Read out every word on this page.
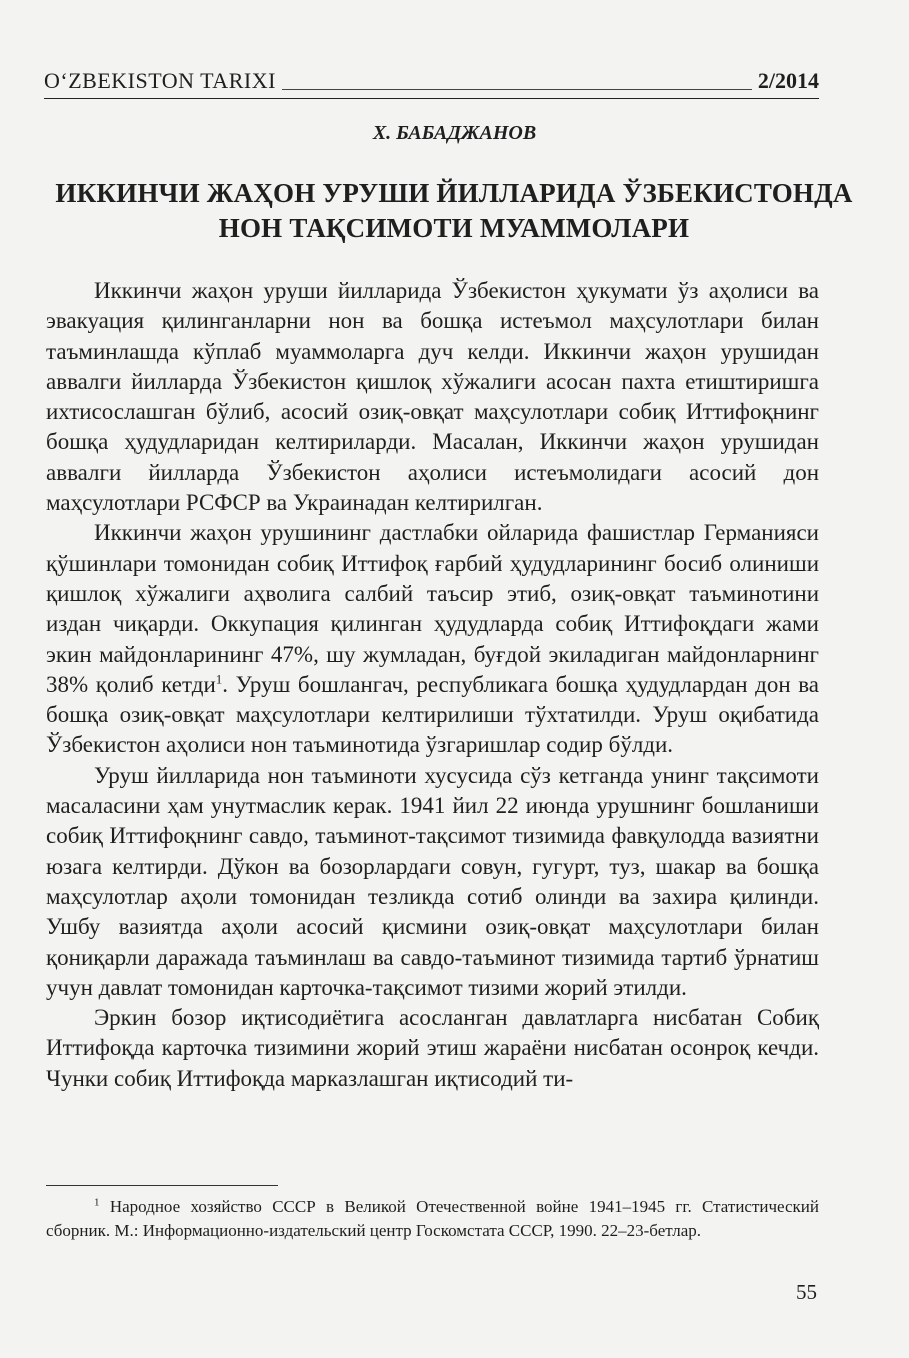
O‘ZBEKISTON TARIXI	2/2014
Х. БАБАДЖАНОВ
ИККИНЧИ ЖАҲОН УРУШИ ЙИЛЛАРИДА ЎЗБЕКИСТОНДА НОН ТАҚСИМОТИ МУАММОЛАРИ

Иккинчи жаҳон уруши йилларида Ўзбекистон ҳукумати ўз аҳолиси ва эвакуация қилинганларни нон ва бошқа истеъмол маҳсулотлари билан таъминлашда кўплаб муаммоларга дуч келди. Иккинчи жаҳон урушидан аввалги йилларда Ўзбекистон қишлоқ хўжалиги асосан пахта етиштиришга ихтисослашган бўлиб, асосий озиқ-овқат маҳсулотлари собиқ Иттифоқнинг бошқа ҳудудларидан келтириларди. Масалан, Иккинчи жаҳон урушидан аввалги йилларда Ўзбекистон аҳолиси истеъмолидаги асосий дон маҳсулотлари РСФСР ва Украинадан келтирилган.

Иккинчи жаҳон урушининг дастлабки ойларида фашистлар Германияси қўшинлари томонидан собиқ Иттифоқ ғарбий ҳудудларининг босиб олиниши қишлоқ хўжалиги аҳволига салбий таъсир этиб, озиқ-овқат таъминотини издан чиқарди. Оккупация қилинган ҳудудларда собиқ Иттифоқдаги жами экин майдонларининг 47%, шу жумладан, буғдой экиладиган майдонларнинг 38% қолиб кетди$^1$. Уруш бошлангач, республикага бошқа ҳудудлардан дон ва бошқа озиқ-овқат маҳсулотлари келтирилиши тўхтатилди. Уруш оқибатида Ўзбекистон аҳолиси нон таъминотида ўзгаришлар содир бўлди.

Уруш йилларида нон таъминоти хусусида сўз кетганда унинг тақсимоти масаласини ҳам унутмаслик керак. 1941 йил 22 июнда урушнинг бошланиши собиқ Иттифоқнинг савдо, таъминот-тақсимот тизимида фавқулодда вазиятни юзага келтирди. Дўкон ва бозорлардаги совун, гугурт, туз, шакар ва бошқа маҳсулотлар аҳоли томонидан тезликда сотиб олинди ва захира қилинди. Ушбу вазиятда аҳоли асосий қисмини озиқ-овқат маҳсулотлари билан қониқарли даражада таъминлаш ва савдо-таъминот тизимида тартиб ўрнатиш учун давлат томонидан карточка-тақсимот тизими жорий этилди.

Эркин бозор иқтисодиётига асосланган давлатларга нисбатан Собиқ Иттифоқда карточка тизимини жорий этиш жараёни нисбатан осонроқ кечди. Чунки собиқ Иттифоқда марказлашган иқтисодий ти-

$^1$ Народное хозяйство СССР в Великой Отечественной войне 1941–1945 гг. Статистический сборник. М.: Информационно-издательский центр Госкомстата СССР, 1990. 22–23-бетлар.

55
